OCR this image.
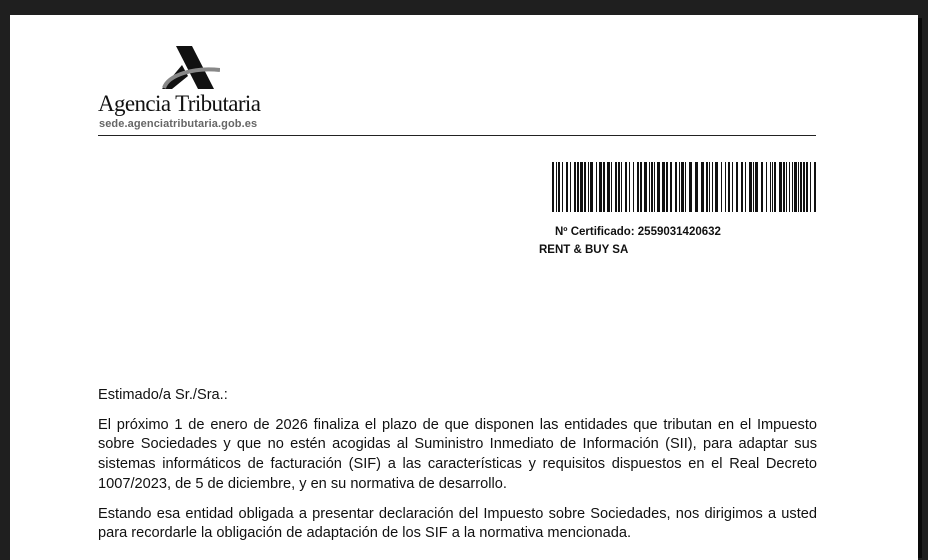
Agencia Tributaria
sede.agenciatributaria.gob.es
Nº Certificado: 2559031420632
RENT & BUY SA

Estimado/a Sr./Sra.:

El próximo 1 de enero de 2026 finaliza el plazo de que disponen las entidades que tributan en el Impuesto sobre Sociedades y que no estén acogidas al Suministro Inmediato de Información (SII), para adaptar sus sistemas informáticos de facturación (SIF) a las características y requisitos dispuestos en el Real Decreto 1007/2023, de 5 de diciembre, y en su normativa de desarrollo.

Estando esa entidad obligada a presentar declaración del Impuesto sobre Sociedades, nos dirigimos a usted para recordarle la obligación de adaptación de los SIF a la normativa mencionada.
